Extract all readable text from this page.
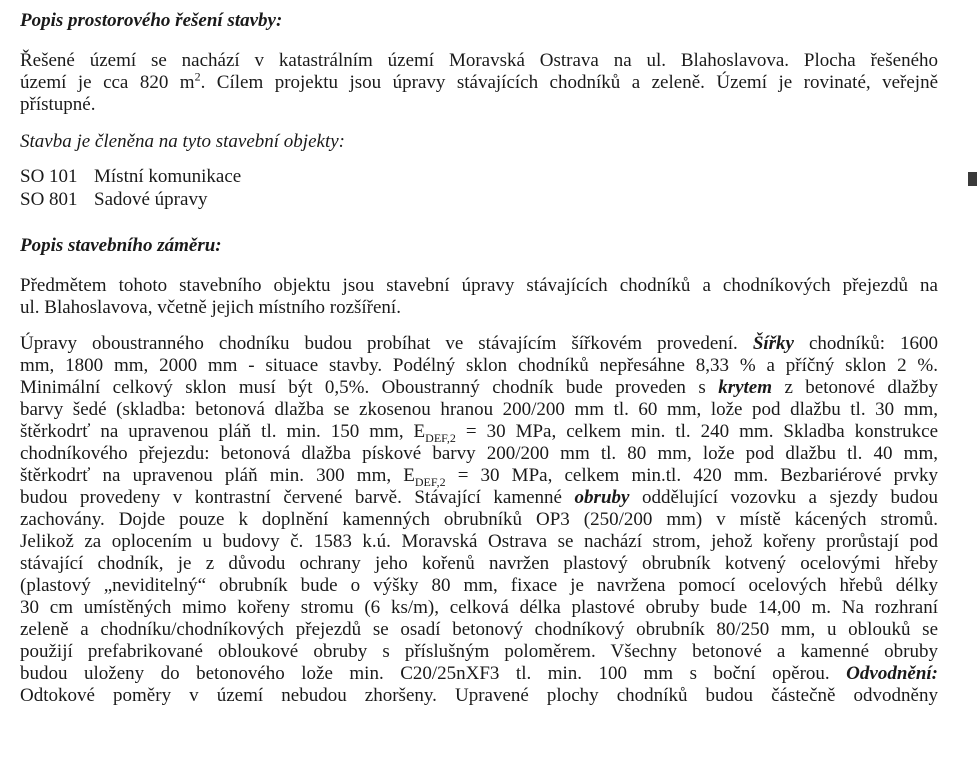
Popis prostorového řešení stavby:
Řešené území se nachází v katastrálním území Moravská Ostrava na ul. Blahoslavova. Plocha řešeného
území je cca 820 $m^2$. Cílem projektu jsou úpravy stávajících chodníků a zeleně. Území je rovinaté, veřejně
přístupné.
Stavba je členěna na tyto stavební objekty:
SO 101 Místní komunikace
SO 801 Sadové úpravy
Popis stavebního záměru:
Předmětem tohoto stavebního objektu jsou stavební úpravy stávajících chodníků a chodníkových přejezdů na
ul. Blahoslavova, včetně jejich místního rozšíření.
Úpravy oboustranného chodníku budou probíhat ve stávajícím šířkovém provedení. Šířky chodníků: 1600
mm, 1800 mm, 2000 mm - situace stavby. Podélný sklon chodníků nepřesáhne 8,33 % a příčný sklon 2 %.
Minimální celkový sklon musí být 0,5%. Oboustranný chodník bude proveden s krytem z betonové dlažby
barvy šedé (skladba: betonová dlažba se zkosenou hranou 200/200 mm tl. 60 mm, lože pod dlažbu tl. 30 mm,
štěrkodrť na upravenou pláň tl. min. 150 mm, $E_{DEF,2} = 30$ MPa, celkem min. tl. 240 mm. Skladba konstrukce
chodníkového přejezdu: betonová dlažba pískové barvy 200/200 mm tl. 80 mm, lože pod dlažbu tl. 40 mm,
štěrkodrť na upravenou pláň min. 300 mm, $E_{DEF,2} = 30$ MPa, celkem min.tl. 420 mm. Bezbariérové prvky
budou provedeny v kontrastní červené barvě. Stávající kamenné obruby oddělující vozovku a sjezdy budou
zachovány. Dojde pouze k doplnění kamenných obrubníků OP3 (250/200 mm) v místě kácených stromů.
Jelikož za oplocením u budovy č. 1583 k.ú. Moravská Ostrava se nachází strom, jehož kořeny prorůstají pod
stávající chodník, je z důvodu ochrany jeho kořenů navržen plastový obrubník kotvený ocelovými hřeby
(plastový „neviditelný“ obrubník bude o výšky 80 mm, fixace je navržena pomocí ocelových hřebů délky
30 cm umístěných mimo kořeny stromu (6 ks/m), celková délka plastové obruby bude 14,00 m. Na rozhraní
zeleně a chodníku/chodníkových přejezdů se osadí betonový chodníkový obrubník 80/250 mm, u oblouků se
použijí prefabrikované obloukové obruby s příslušným poloměrem. Všechny betonové a kamenné obruby
budou uloženy do betonového lože min. C20/25nXF3 tl. min. 100 mm s boční opěrou. Odvodnění:
Odtokové poměry v území nebudou zhoršeny. Upravené plochy chodníků budou částečně odvodněny
